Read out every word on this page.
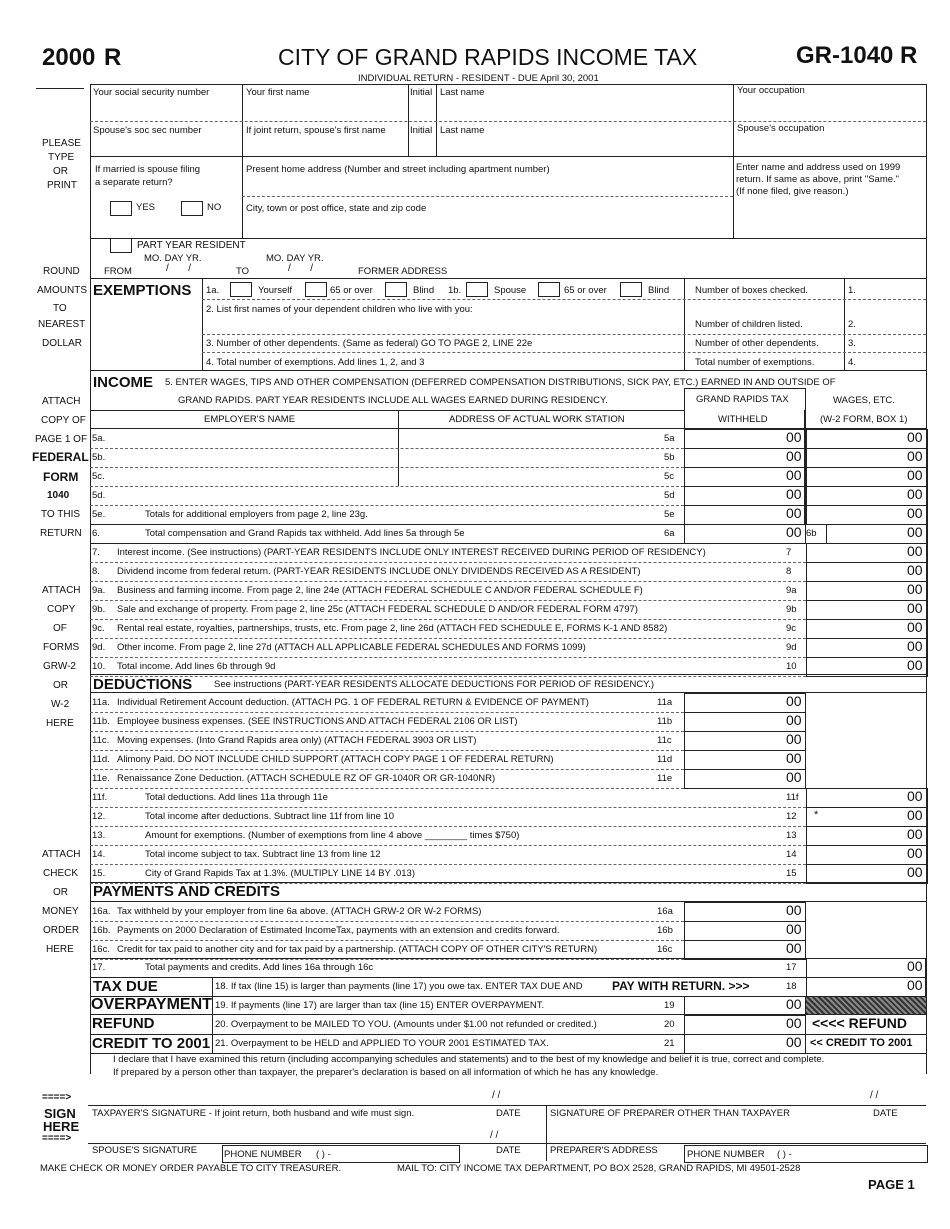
2000 R	CITY OF GRAND RAPIDS INCOME TAX
INDIVIDUAL RETURN - RESIDENT - DUE April 30, 2001
GR-1040 R
PLEASE
TYPE
OR
PRINT
ROUND
AMOUNTS
TO
NEAREST
DOLLAR
ATTACH
COPY OF
PAGE 1 OF
FEDERAL
FORM
1040
TO THIS
RETURN
ATTACH
COPY
OF
FORMS
GRW-2
OR
W-2
HERE
ATTACH
CHECK
OR
MONEY
ORDER
HERE
Your social security number	Your first name	Initial Last name	Your occupation
Spouse's soc sec number	If joint return, spouse's first name	Initial Last name	Spouse's occupation
If married is spouse filing
a separate return?
YES	NO
Present home address (Number and street including apartment number)
City, town or post office, state and zip code
Enter name and address used on 1999
return. If same as above, print "Same."
(If none filed, give reason.)
PART YEAR RESIDENT
MO. DAY YR.	MO. DAY YR.
FROM	/       /	TO	/       /	FORMER ADDRESS
EXEMPTIONS 1a.	Yourself	65 or over	Blind 1b.	Spouse	65 or over	Blind	Number of boxes checked.	1.
2. List first names of your dependent children who live with you:
Number of children listed.	2.
3. Number of other dependents. (Same as federal) GO TO PAGE 2, LINE 22e	Number of other dependents.	3.
4. Total number of exemptions. Add lines 1, 2, and 3	Total number of exemptions.	4.
INCOME 5. ENTER WAGES, TIPS AND OTHER COMPENSATION (DEFERRED COMPENSATION DISTRIBUTIONS, SICK PAY, ETC.) EARNED IN AND OUTSIDE OF
GRAND RAPIDS. PART YEAR RESIDENTS INCLUDE ALL WAGES EARNED DURING RESIDENCY.	GRAND RAPIDS TAX
WITHHELD
WAGES, ETC.
(W-2 FORM, BOX 1)
EMPLOYER'S NAME	ADDRESS OF ACTUAL WORK STATION
5a.	5a	00	00
5b.	5b	00	00
5c.	5c	00	00
5d.	5d	00	00
5e.	Totals for additional employers from page 2, line 23g.	5e	00	00
6.	Total compensation and Grand Rapids tax withheld. Add lines 5a through 5e	6a	00 6b	00
7. Interest income. (See instructions) (PART-YEAR RESIDENTS INCLUDE ONLY INTEREST RECEIVED DURING PERIOD OF RESIDENCY)	7	00
8. Dividend income from federal return. (PART-YEAR RESIDENTS INCLUDE ONLY DIVIDENDS RECEIVED AS A RESIDENT)	8	00
9a. Business and farming income. From page 2, line 24e (ATTACH FEDERAL SCHEDULE C AND/OR FEDERAL SCHEDULE F)	9a	00
9b. Sale and exchange of property. From page 2, line 25c (ATTACH FEDERAL SCHEDULE D AND/OR FEDERAL FORM 4797)	9b	00
9c. Rental real estate, royalties, partnerships, trusts, etc. From page 2, line 26d (ATTACH FED SCHEDULE E, FORMS K-1 AND 8582)	9c	00
9d. Other income. From page 2, line 27d (ATTACH ALL APPLICABLE FEDERAL SCHEDULES AND FORMS 1099)	9d	00
10. Total income. Add lines 6b through 9d	10	00
DEDUCTIONS See instructions (PART-YEAR RESIDENTS ALLOCATE DEDUCTIONS FOR PERIOD OF RESIDENCY.)
11a. Individual Retirement Account deduction. (ATTACH PG. 1 OF FEDERAL RETURN & EVIDENCE OF PAYMENT)	11a	00
11b. Employee business expenses. (SEE INSTRUCTIONS AND ATTACH FEDERAL 2106 OR LIST)	11b	00
11c. Moving expenses. (Into Grand Rapids area only) (ATTACH FEDERAL 3903 OR LIST)	11c	00
11d. Alimony Paid. DO NOT INCLUDE CHILD SUPPORT (ATTACH COPY PAGE 1 OF FEDERAL RETURN)	11d	00
11e. Renaissance Zone Deduction. (ATTACH SCHEDULE RZ OF GR-1040R OR GR-1040NR)	11e	00
11f.	Total deductions. Add lines 11a through 11e	11f	00
12.	Total income after deductions. Subtract line 11f from line 10	12 *	00
13.	Amount for exemptions. (Number of exemptions from line 4 above ________ times $750)	13	00
14.	Total income subject to tax. Subtract line 13 from line 12	14	00
15.	City of Grand Rapids Tax at 1.3%. (MULTIPLY LINE 14 BY .013)	15	00
PAYMENTS AND CREDITS
16a. Tax withheld by your employer from line 6a above. (ATTACH GRW-2 OR W-2 FORMS)	16a	00
16b. Payments on 2000 Declaration of Estimated IncomeTax, payments with an extension and credits forward.	16b	00
16c. Credit for tax paid to another city and for tax paid by a partnership. (ATTACH COPY OF OTHER CITY'S RETURN)	16c	00
17.	Total payments and credits. Add lines 16a through 16c	17	00
TAX DUE	18. If tax (line 15) is larger than payments (line 17) you owe tax. ENTER TAX DUE AND PAY WITH RETURN. >>>	18	00
OVERPAYMENT 19. If payments (line 17) are larger than tax (line 15) ENTER OVERPAYMENT.	19	00
REFUND	20. Overpayment to be MAILED TO YOU. (Amounts under $1.00 not refunded or credited.)	20	00 <<<< REFUND
CREDIT TO 2001 21. Overpayment to be HELD and APPLIED TO YOUR 2001 ESTIMATED TAX.	21	00 << CREDIT TO 2001
I declare that I have examined this return (including accompanying schedules and statements) and to the best of my knowledge and belief it is true, correct and complete.
If prepared by a person other than taxpayer, the preparer's declaration is based on all information of which he has any knowledge.
====>
SIGN
HERE
====>
/ /	/ /
TAXPAYER'S SIGNATURE - If joint return, both husband and wife must sign.	DATE	SIGNATURE OF PREPARER OTHER THAN TAXPAYER	DATE
/ /
SPOUSE'S SIGNATURE	PHONE NUMBER ( ) -	DATE	PREPARER'S ADDRESS	PHONE NUMBER ( ) -
MAKE CHECK OR MONEY ORDER PAYABLE TO CITY TREASURER.	MAIL TO: CITY INCOME TAX DEPARTMENT, PO BOX 2528, GRAND RAPIDS, MI 49501-2528
PAGE 1
